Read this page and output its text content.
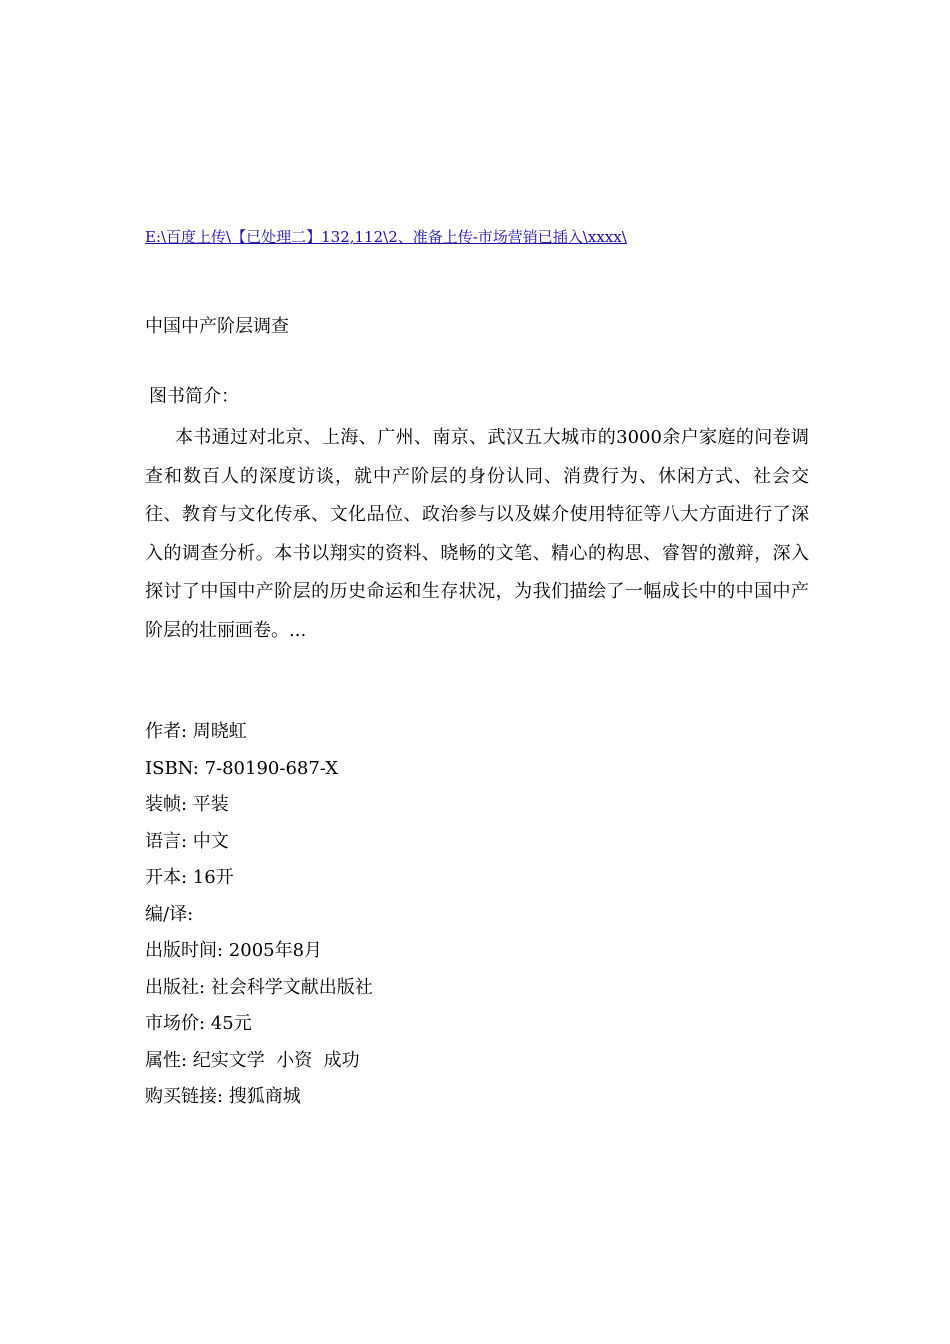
E:\百度上传\【已处理二】132,112\2、准备上传-市场营销已插入\xxxx\
中国中产阶层调查
图书简介：

本书通过对北京、上海、广州、南京、武汉五大城市的3000余户家庭的问卷调查和数百人的深度访谈，就中产阶层的身份认同、消费行为、休闲方式、社会交往、教育与文化传承、文化品位、政治参与以及媒介使用特征等八大方面进行了深入的调查分析。本书以翔实的资料、晓畅的文笔、精心的构思、睿智的激辩，深入探讨了中国中产阶层的历史命运和生存状况，为我们描绘了一幅成长中的中国中产阶层的壮丽画卷。...

作者: 周晓虹
ISBN: 7-80190-687-X
装帧: 平装
语言: 中文
开本: 16开
编/译:
出版时间: 2005年8月
出版社: 社会科学文献出版社
市场价: 45元
属性: 纪实文学  小资  成功
购买链接: 搜狐商城
